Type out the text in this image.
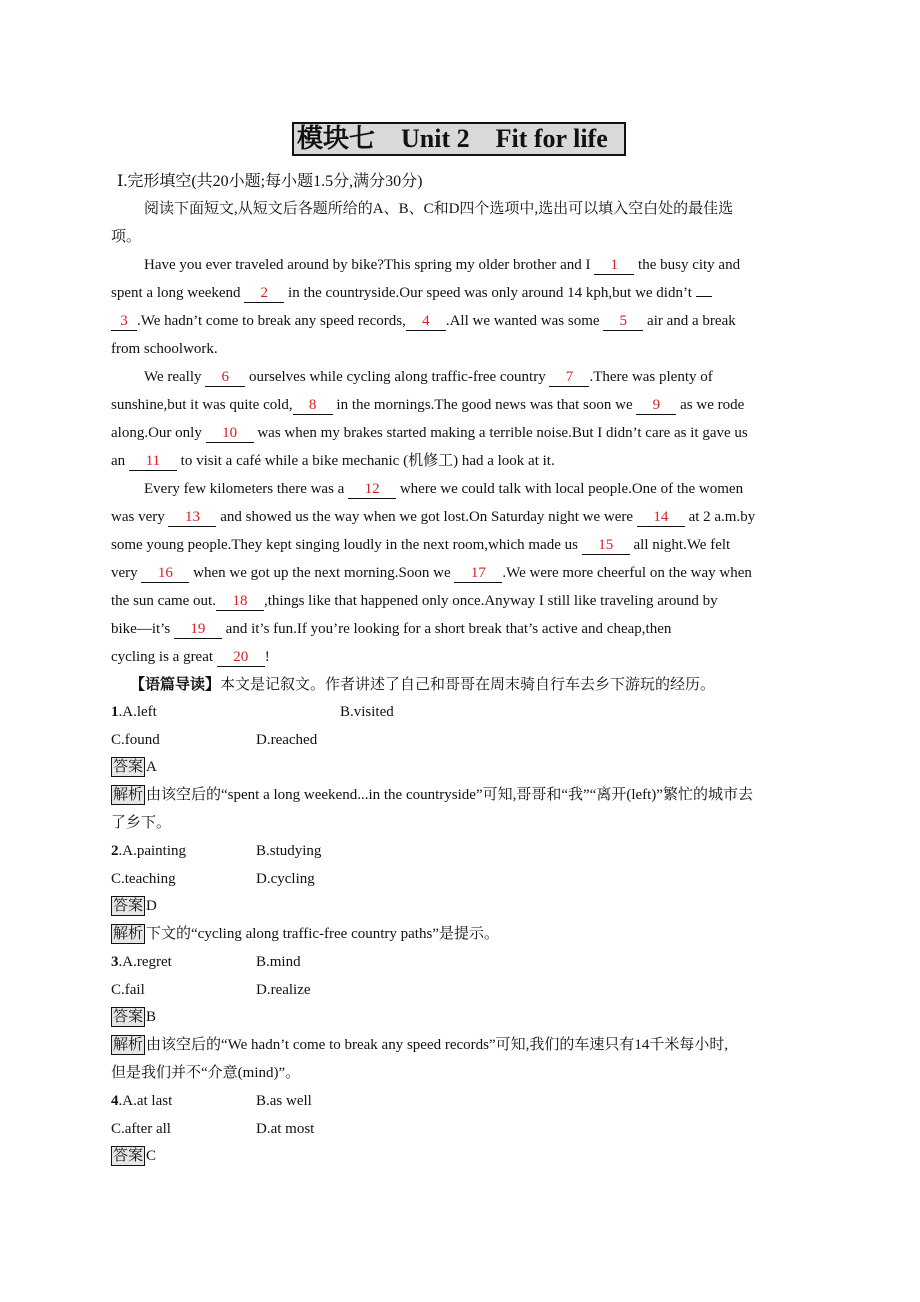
模块七    Unit 2    Fit for life
Ⅰ.完形填空(共20小题;每小题1.5分,满分30分)
阅读下面短文,从短文后各题所给的A、B、C和D四个选项中,选出可以填入空白处的最佳选
项。
Have you ever traveled around by bike?This spring my older brother and I 1 the busy city and
spent a long weekend 2 in the countryside.Our speed was only around 14 kph,but we didn’t
3 .We hadn’t come to break any speed records, 4 .All we wanted was some 5 air and a break
from schoolwork.
We really 6 ourselves while cycling along traffic-free country 7 .There was plenty of
sunshine,but it was quite cold, 8 in the mornings.The good news was that soon we 9 as we rode
along.Our only 10 was when my brakes started making a terrible noise.But I didn’t care as it gave us
an 11 to visit a café while a bike mechanic (机修工) had a look at it.
Every few kilometers there was a 12 where we could talk with local people.One of the women
was very 13 and showed us the way when we got lost.On Saturday night we were 14 at 2 a.m.by
some young people.They kept singing loudly in the next room,which made us 15 all night.We felt
very 16 when we got up the next morning.Soon we 17 .We were more cheerful on the way when
the sun came out. 18 ,things like that happened only once.Anyway I still like traveling around by
bike—it’s 19 and it’s fun.If you’re looking for a short break that’s active and cheap,then
cycling is a great 20 !
【语篇导读】本文是记叙文。作者讲述了自己和哥哥在周末骑自行车去乡下游玩的经历。
1.A.left	B.visited
C.found	D.reached
答案 A
解析 由该空后的“spent a long weekend...in the countryside”可知,哥哥和“我”“离开(left)”繁忙的城市去
了乡下。
2.A.painting	B.studying
C.teaching	D.cycling
答案 D
解析 下文的“cycling along traffic-free country paths”是提示。
3.A.regret	B.mind
C.fail	D.realize
答案 B
解析 由该空后的“We hadn’t come to break any speed records”可知,我们的车速只有14千米每小时,
但是我们并不“介意(mind)”。
4.A.at last	B.as well
C.after all	D.at most
答案 C
